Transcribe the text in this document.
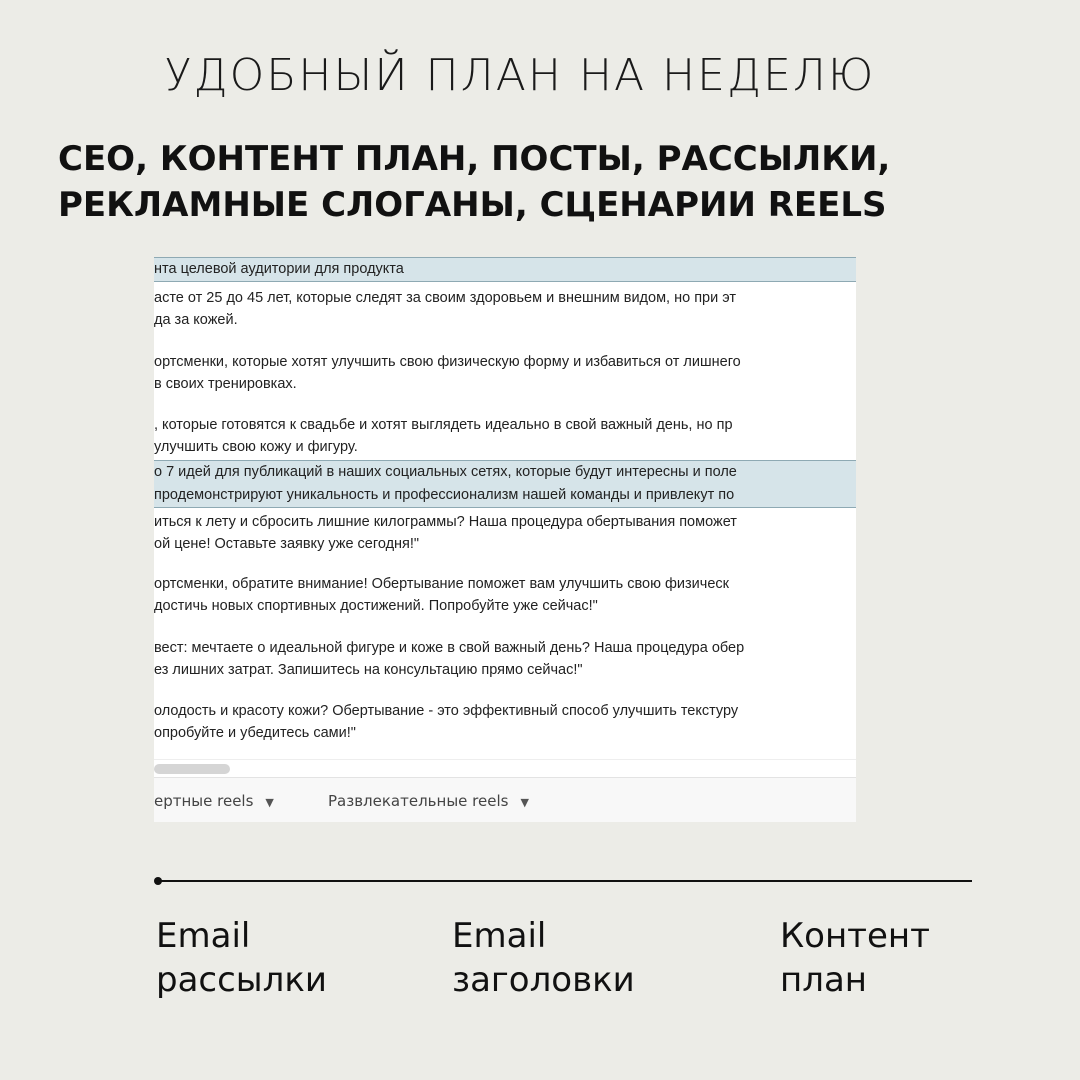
УДОБНЫЙ ПЛАН НА НЕДЕЛЮ
СЕО, КОНТЕНТ ПЛАН, ПОСТЫ, РАССЫЛКИ,
РЕКЛАМНЫЕ СЛОГАНЫ, СЦЕНАРИИ REELS
нта целевой аудитории для продукта
асте от 25 до 45 лет, которые следят за своим здоровьем и внешним видом, но при эт
да за кожей.
ортсменки, которые хотят улучшить свою физическую форму и избавиться от лишнего
в своих тренировках.
, которые готовятся к свадьбе и хотят выглядеть идеально в свой важный день, но пр
улучшить свою кожу и фигуру.
о 7 идей для публикаций в наших социальных сетях, которые будут интересны и поле
продемонстрируют уникальность и профессионализм нашей команды и привлекут по
иться к лету и сбросить лишние килограммы? Наша процедура обертывания поможет
ой цене! Оставьте заявку уже сегодня!"
ортсменки, обратите внимание! Обертывание поможет вам улучшить свою физическ
достичь новых спортивных достижений. Попробуйте уже сейчас!"
вест: мечтаете о идеальной фигуре и коже в свой важный день? Наша процедура обер
ез лишних затрат. Запишитесь на консультацию прямо сейчас!"
олодость и красоту кожи? Обертывание - это эффективный способ улучшить текстуру
опробуйте и убедитесь сами!"
ертные reels ▼	Развлекательные reels ▼
Email
рассылки
Email
заголовки
Контент
план
